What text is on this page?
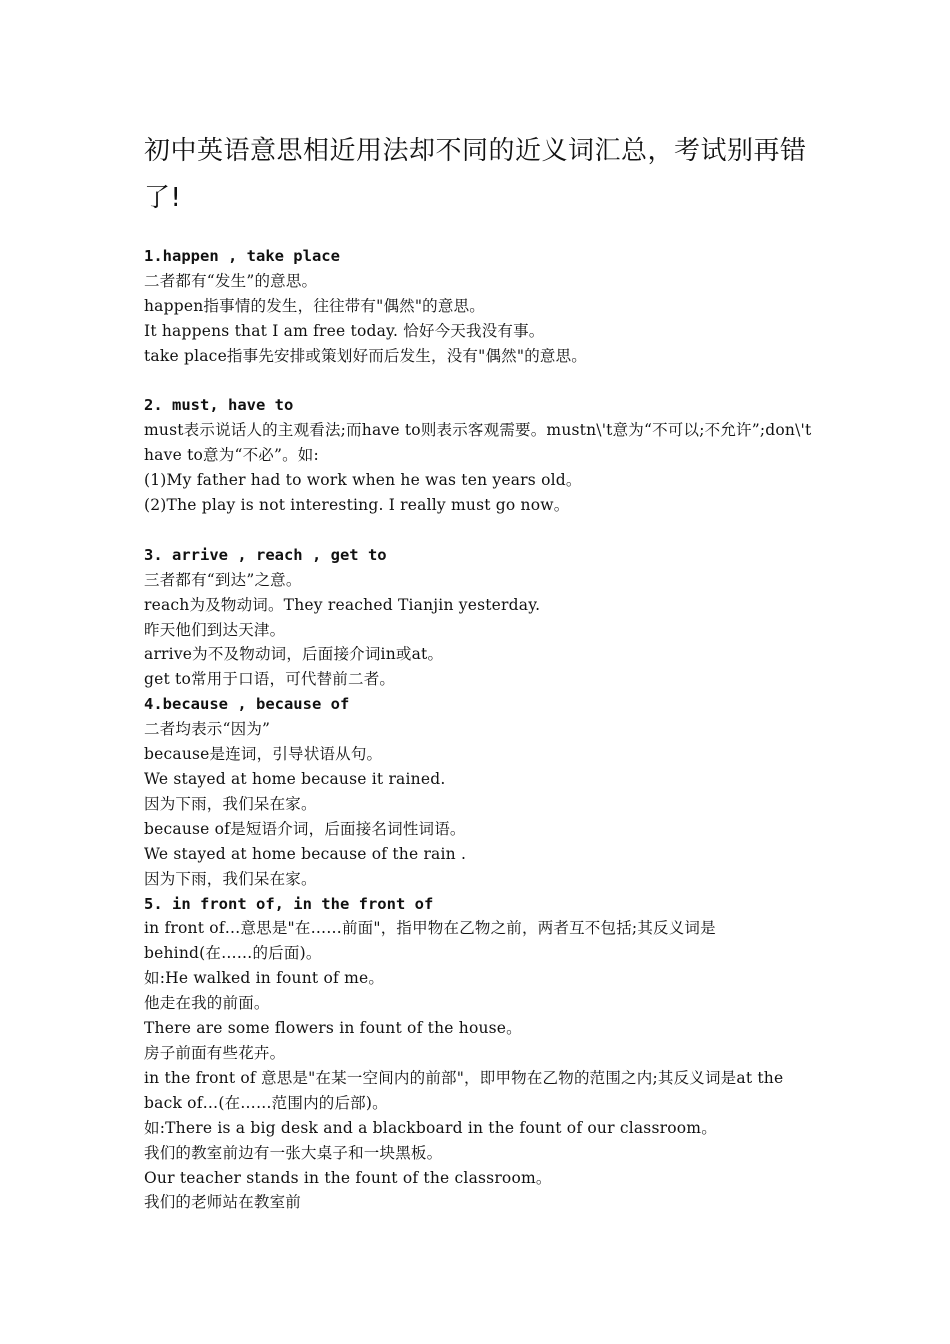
初中英语意思相近用法却不同的近义词汇总，考试别再错了!
1.happen , take place
二者都有“发生”的意思。
happen指事情的发生，往往带有"偶然"的意思。
It happens that I am free today. 恰好今天我没有事。
take place指事先安排或策划好而后发生，没有"偶然"的意思。
2. must, have to
must表示说话人的主观看法;而have to则表示客观需要。mustn\'t意为“不可以;不允许”;don\'t have to意为“不必”。如:
(1)My father had to work when he was ten years old。
(2)The play is not interesting. I really must go now。
3. arrive , reach , get to
三者都有“到达”之意。
reach为及物动词。They reached Tianjin yesterday.
昨天他们到达天津。
arrive为不及物动词，后面接介词in或at。
get to常用于口语，可代替前二者。
4.because , because of
二者均表示“因为”
because是连词，引导状语从句。
We stayed at home because it rained.
因为下雨，我们呆在家。
because of是短语介词，后面接名词性词语。
We stayed at home because of the rain .
因为下雨，我们呆在家。
5. in front of, in the front of
in front of…意思是"在……前面"，指甲物在乙物之前，两者互不包括;其反义词是behind(在……的后面)。
如:He walked in fount of me。
他走在我的前面。
There are some flowers in fount of the house。
房子前面有些花卉。
in the front of 意思是"在某一空间内的前部"，即甲物在乙物的范围之内;其反义词是at the back of…(在……范围内的后部)。
如:There is a big desk and a blackboard in the fount of our classroom。
我们的教室前边有一张大桌子和一块黑板。
Our teacher stands in the fount of the classroom。
我们的老师站在教室前
